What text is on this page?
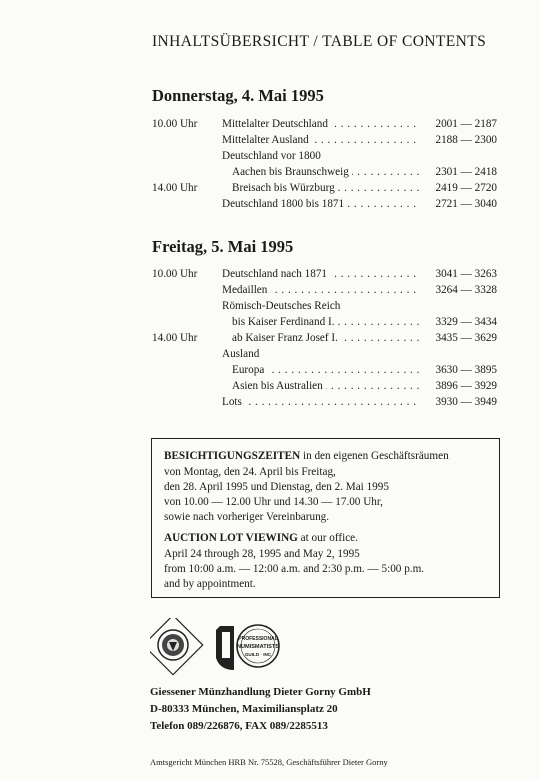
INHALTSÜBERSICHT / TABLE OF CONTENTS
Donnerstag, 4. Mai 1995
10.00 Uhr Mittelalter Deutschland . . .	2001 — 2187
Mittelalter Ausland . . .	2188 — 2300
Deutschland vor 1800
Aachen bis Braunschweig . . .	2301 — 2418
14.00 Uhr	Breisach bis Würzburg . . .	2419 — 2720
Deutschland 1800 bis 1871 . . .	2721 — 3040
Freitag, 5. Mai 1995
10.00 Uhr Deutschland nach 1871 . . .	3041 — 3263
Medaillen . . .	3264 — 3328
Römisch-Deutsches Reich
bis Kaiser Ferdinand I. . . .	3329 — 3434
14.00 Uhr	ab Kaiser Franz Josef I. . . .	3435 — 3629
Ausland
Europa . . .	3630 — 3895
Asien bis Australien . . .	3896 — 3929
Lots . . .	3930 — 3949
BESICHTIGUNGSZEITEN in den eigenen Geschäftsräumen
von Montag, den 24. April bis Freitag,
den 28. April 1995 und Dienstag, den 2. Mai 1995
von 10.00 — 12.00 Uhr und 14.30 — 17.00 Uhr,
sowie nach vorheriger Vereinbarung.
AUCTION LOT VIEWING at our office.
April 24 through 28, 1995 and May 2, 1995
from 10:00 a.m. — 12:00 a.m. and 2:30 p.m. — 5:00 p.m.
and by appointment.
PROFESSIONAL
NUMISMATISTS
GUILD · INC
Giessener Münzhandlung Dieter Gorny GmbH
D-80333 München, Maximiliansplatz 20
Telefon 089/226876, FAX 089/2285513
Amtsgericht München HRB Nr. 75528, Geschäftsführer Dieter Gorny
